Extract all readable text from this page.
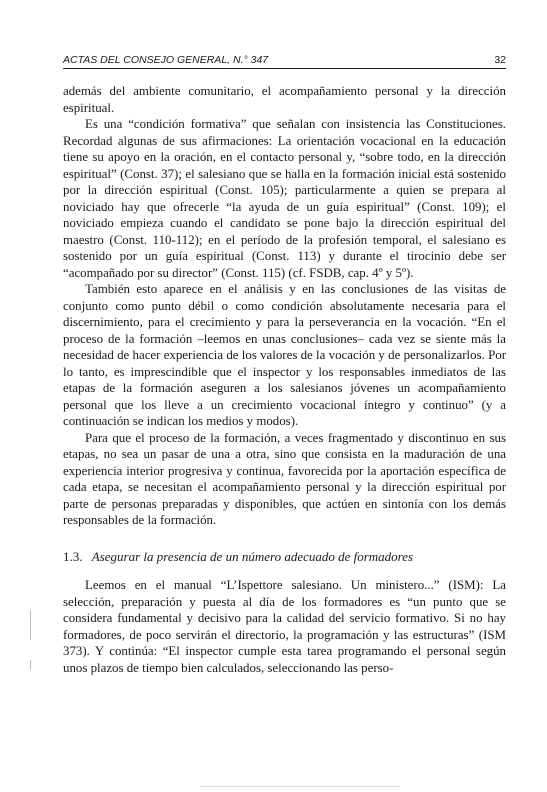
ACTAS DEL CONSEJO GENERAL, N.° 347	32

además del ambiente comunitario, el acompañamiento personal y la dirección espiritual.

Es una “condición formativa” que señalan con insistencia las Constituciones. Recordad algunas de sus afirmaciones: La orientación vocacional en la educación tiene su apoyo en la oración, en el contacto personal y, “sobre todo, en la dirección espiritual” (Const. 37); el salesiano que se halla en la formación inicial está sostenido por la dirección espiritual (Const. 105); particularmente a quien se prepara al noviciado hay que ofrecerle “la ayuda de un guía espiritual” (Const. 109); el noviciado empieza cuando el candidato se pone bajo la dirección espiritual del maestro (Const. 110-112); en el período de la profesión temporal, el salesiano es sostenido por un guía espiritual (Const. 113) y durante el tirocinio debe ser “acompañado por su director” (Const. 115) (cf. FSDB, cap. 4º y 5º).

También esto aparece en el análisis y en las conclusiones de las visitas de conjunto como punto débil o como condición absolutamente necesaria para el discernimiento, para el crecimiento y para la perseverancia en la vocación. “En el proceso de la formación –leemos en unas conclusiones– cada vez se siente más la necesidad de hacer experiencia de los valores de la vocación y de personalizarlos. Por lo tanto, es imprescindible que el inspector y los responsables inmediatos de las etapas de la formación aseguren a los salesianos jóvenes un acompañamiento personal que los lleve a un crecimiento vocacional íntegro y continuo” (y a continuación se indican los medios y modos).

Para que el proceso de la formación, a veces fragmentado y discontinuo en sus etapas, no sea un pasar de una a otra, sino que consista en la maduración de una experiencia interior progresiva y continua, favorecida por la aportación específica de cada etapa, se necesitan el acompañamiento personal y la dirección espiritual por parte de personas preparadas y disponibles, que actúen en sintonía con los demás responsables de la formación.

1.3. Asegurar la presencia de un número adecuado de formadores

Leemos en el manual “L’Ispettore salesiano. Un ministero...” (ISM): La selección, preparación y puesta al día de los formadores es “un punto que se considera fundamental y decisivo para la calidad del servicio formativo. Si no hay formadores, de poco servirán el directorio, la programación y las estructuras” (ISM 373). Y continúa: “El inspector cumple esta tarea programando el personal según unos plazos de tiempo bien calculados, seleccionando las perso-
